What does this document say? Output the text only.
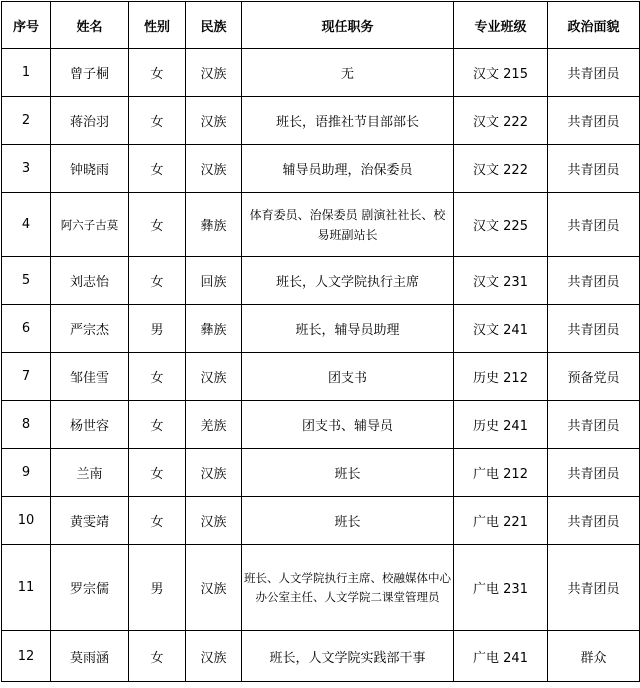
序号	姓名	性别	民族	现任职务	专业班级	政治面貌
1	曾子桐	女	汉族	无	汉文 215	共青团员
2	蒋治羽	女	汉族	班长，语推社节目部部长	汉文 222	共青团员
3	钟晓雨	女	汉族	辅导员助理，治保委员	汉文 222	共青团员
4	阿六子古莫	女	彝族	体育委员、治保委员 剧演社社长、校易班副站长	汉文 225	共青团员
5	刘志怡	女	回族	班长，人文学院执行主席	汉文 231	共青团员
6	严宗杰	男	彝族	班长，辅导员助理	汉文 241	共青团员
7	邹佳雪	女	汉族	团支书	历史 212	预备党员
8	杨世容	女	羌族	团支书、辅导员	历史 241	共青团员
9	兰南	女	汉族	班长	广电 212	共青团员
10	黄雯靖	女	汉族	班长	广电 221	共青团员
11	罗宗儒	男	汉族	班长、人文学院执行主席、校融媒体中心办公室主任、人文学院二课堂管理员	广电 231	共青团员
12	莫雨涵	女	汉族	班长，人文学院实践部干事	广电 241	群众
